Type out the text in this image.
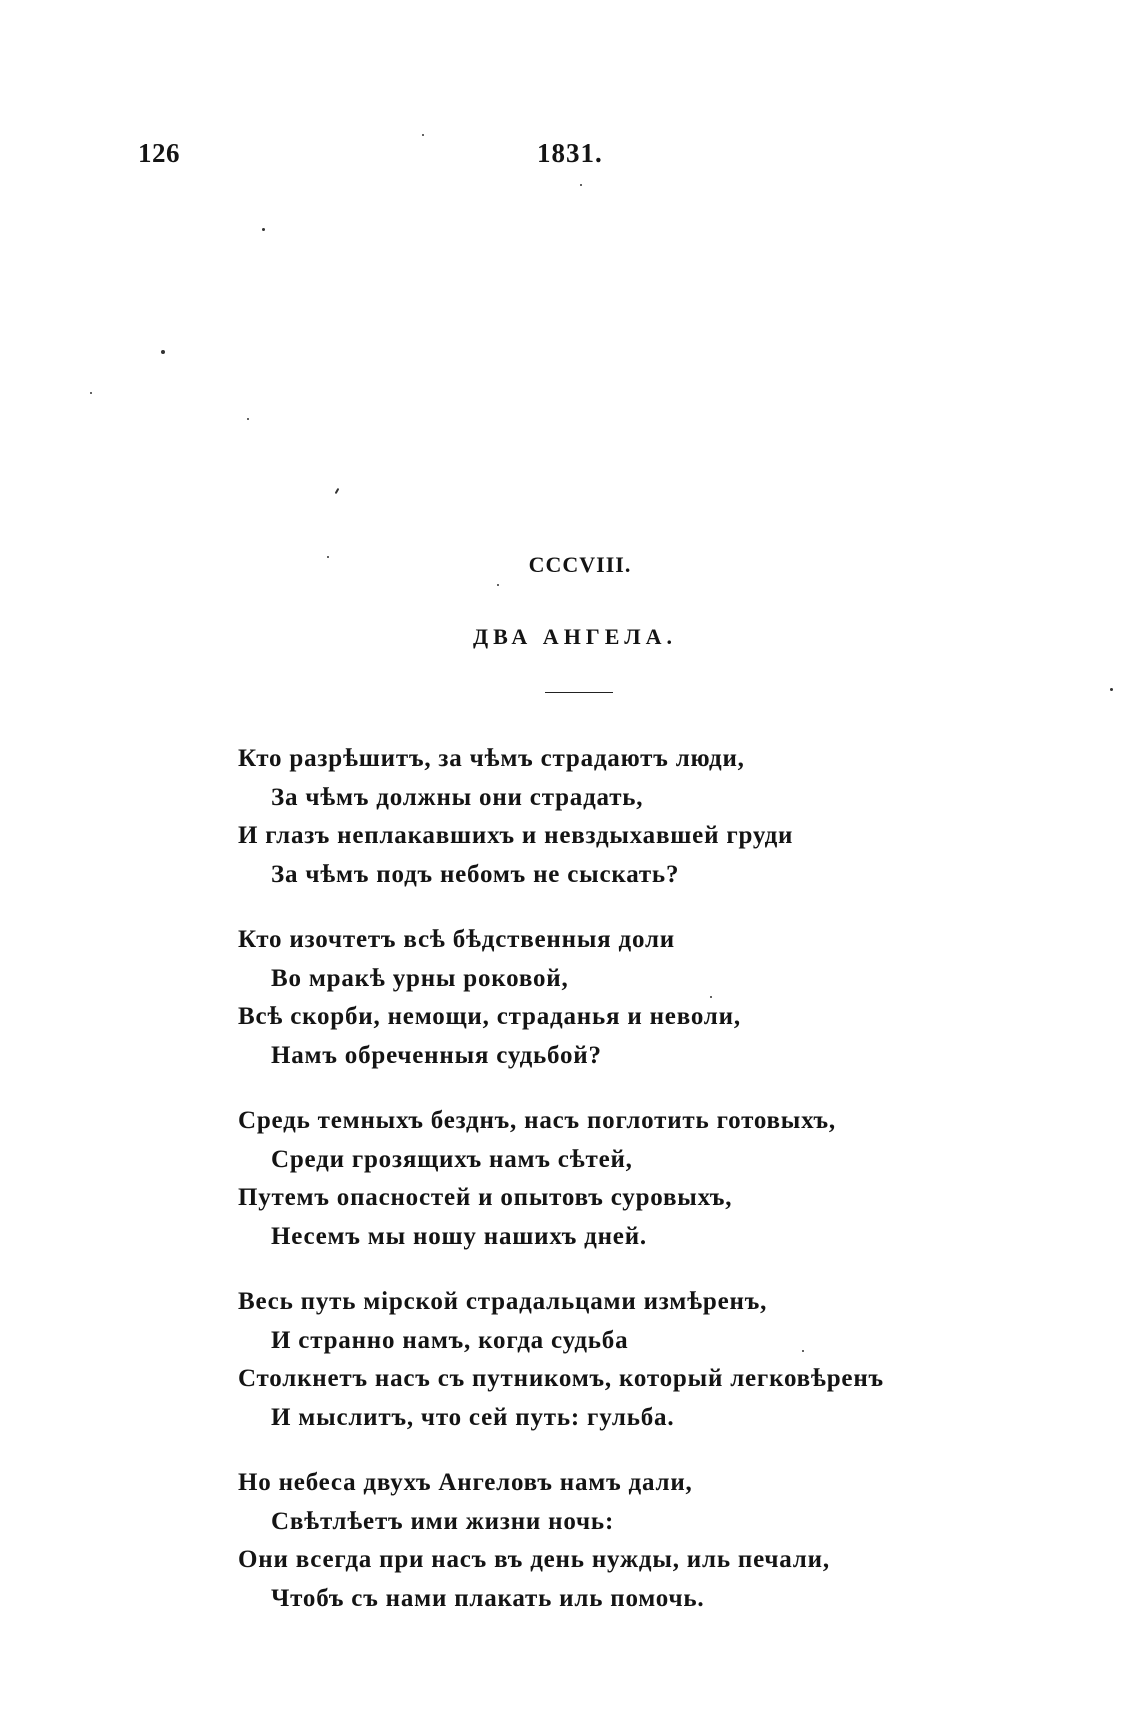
126	1831.
CCCVIII.
ДВА АНГЕЛА.
Кто разрѣшитъ, за чѣмъ страдаютъ люди,
За чѣмъ должны они страдать,
И глазъ неплакавшихъ и невздыхавшей груди
За чѣмъ подъ небомъ не сыскать?
Кто изочтетъ всѣ бѣдственныя доли
Во мракѣ урны роковой,
Всѣ скорби, немощи, страданья и неволи,
Намъ обреченныя судьбой?
Средь темныхъ безднъ, насъ поглотить готовыхъ,
Среди грозящихъ намъ сѣтей,
Путемъ опасностей и опытовъ суровыхъ,
Несемъ мы ношу нашихъ дней.
Весь путь мірской страдальцами измѣренъ,
И странно намъ, когда судьба
Столкнетъ насъ съ путникомъ, который легковѣренъ
И мыслитъ, что сей путь: гульба.
Но небеса двухъ Ангеловъ намъ дали,
Свѣтлѣетъ ими жизни ночь:
Они всегда при насъ въ день нужды, иль печали,
Чтобъ съ нами плакать иль помочь.
